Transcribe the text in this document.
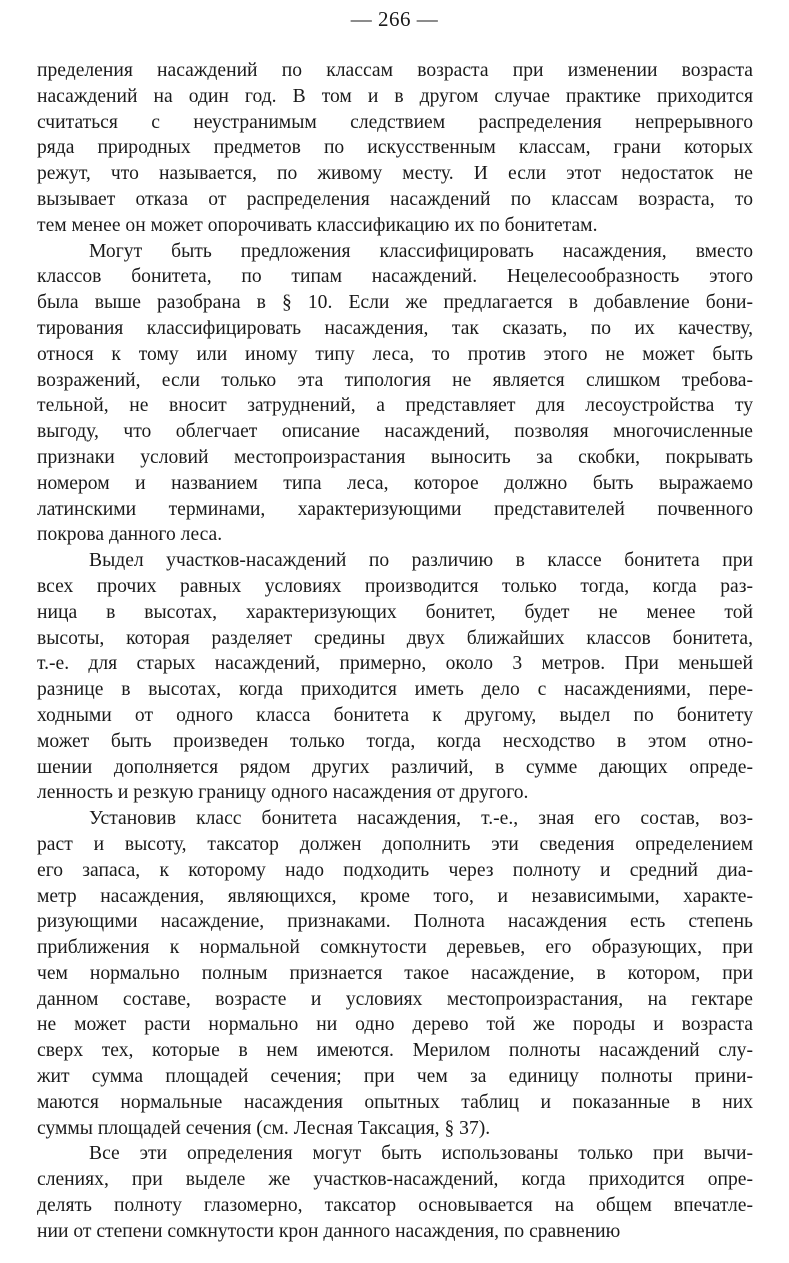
— 266 —
пределения насаждений по классам возраста при изменении возраста
насаждений на один год. В том и в другом случае практике приходится
считаться с неустранимым следствием распределения непрерывного
ряда природных предметов по искусственным классам, грани которых
режут, что называется, по живому месту. И если этот недостаток не
вызывает отказа от распределения насаждений по классам возраста, то
тем менее он может опорочивать классификацию их по бонитетам.
Могут быть предложения классифицировать насаждения, вместо
классов бонитета, по типам насаждений. Нецелесообразность этого
была выше разобрана в § 10. Если же предлагается в добавление бони-
тирования классифицировать насаждения, так сказать, по их качеству,
относя к тому или иному типу леса, то против этого не может быть
возражений, если только эта типология не является слишком требова-
тельной, не вносит затруднений, а представляет для лесоустройства ту
выгоду, что облегчает описание насаждений, позволяя многочисленные
признаки условий местопроизрастания выносить за скобки, покрывать
номером и названием типа леса, которое должно быть выражаемо
латинскими терминами, характеризующими представителей почвенного
покрова данного леса.
Выдел участков-насаждений по различию в классе бонитета при
всех прочих равных условиях производится только тогда, когда раз-
ница в высотах, характеризующих бонитет, будет не менее той
высоты, которая разделяет средины двух ближайших классов бонитета,
т.-е. для старых насаждений, примерно, около 3 метров. При меньшей
разнице в высотах, когда приходится иметь дело с насаждениями, пере-
ходными от одного класса бонитета к другому, выдел по бонитету
может быть произведен только тогда, когда несходство в этом отно-
шении дополняется рядом других различий, в сумме дающих опреде-
ленность и резкую границу одного насаждения от другого.
Установив класс бонитета насаждения, т.-е., зная его состав, воз-
раст и высоту, таксатор должен дополнить эти сведения определением
его запаса, к которому надо подходить через полноту и средний диа-
метр насаждения, являющихся, кроме того, и независимыми, характе-
ризующими насаждение, признаками. Полнота насаждения есть степень
приближения к нормальной сомкнутости деревьев, его образующих, при
чем нормально полным признается такое насаждение, в котором, при
данном составе, возрасте и условиях местопроизрастания, на гектаре
не может расти нормально ни одно дерево той же породы и возраста
сверх тех, которые в нем имеются. Мерилом полноты насаждений слу-
жит сумма площадей сечения; при чем за единицу полноты прини-
маются нормальные насаждения опытных таблиц и показанные в них
суммы площадей сечения (см. Лесная Таксация, § 37).
Все эти определения могут быть использованы только при вычи-
слениях, при выделе же участков-насаждений, когда приходится опре-
делять полноту глазомерно, таксатор основывается на общем впечатле-
нии от степени сомкнутости крон данного насаждения, по сравнению
